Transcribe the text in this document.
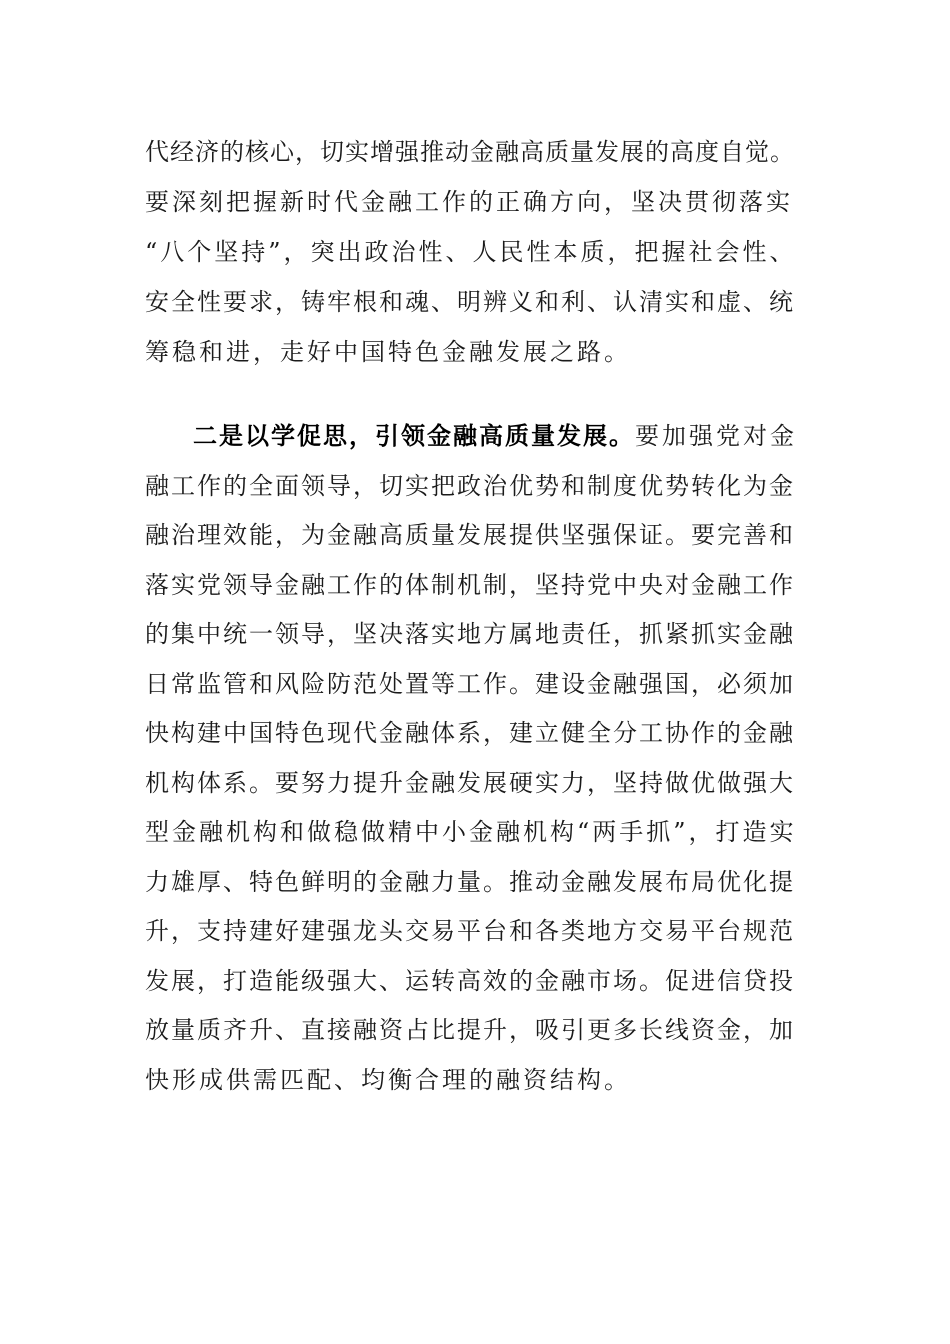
代经济的核心，切实增强推动金融高质量发展的高度自觉。
要深刻把握新时代金融工作的正确方向，坚决贯彻落实
“八个坚持”，突出政治性、人民性本质，把握社会性、
安全性要求，铸牢根和魂、明辨义和利、认清实和虚、统
筹稳和进，走好中国特色金融发展之路。
二是以学促思，引领金融高质量发展。要加强党对金
融工作的全面领导，切实把政治优势和制度优势转化为金
融治理效能，为金融高质量发展提供坚强保证。要完善和
落实党领导金融工作的体制机制，坚持党中央对金融工作
的集中统一领导，坚决落实地方属地责任，抓紧抓实金融
日常监管和风险防范处置等工作。建设金融强国，必须加
快构建中国特色现代金融体系，建立健全分工协作的金融
机构体系。要努力提升金融发展硬实力，坚持做优做强大
型金融机构和做稳做精中小金融机构“两手抓”，打造实
力雄厚、特色鲜明的金融力量。推动金融发展布局优化提
升，支持建好建强龙头交易平台和各类地方交易平台规范
发展，打造能级强大、运转高效的金融市场。促进信贷投
放量质齐升、直接融资占比提升，吸引更多长线资金，加
快形成供需匹配、均衡合理的融资结构。
